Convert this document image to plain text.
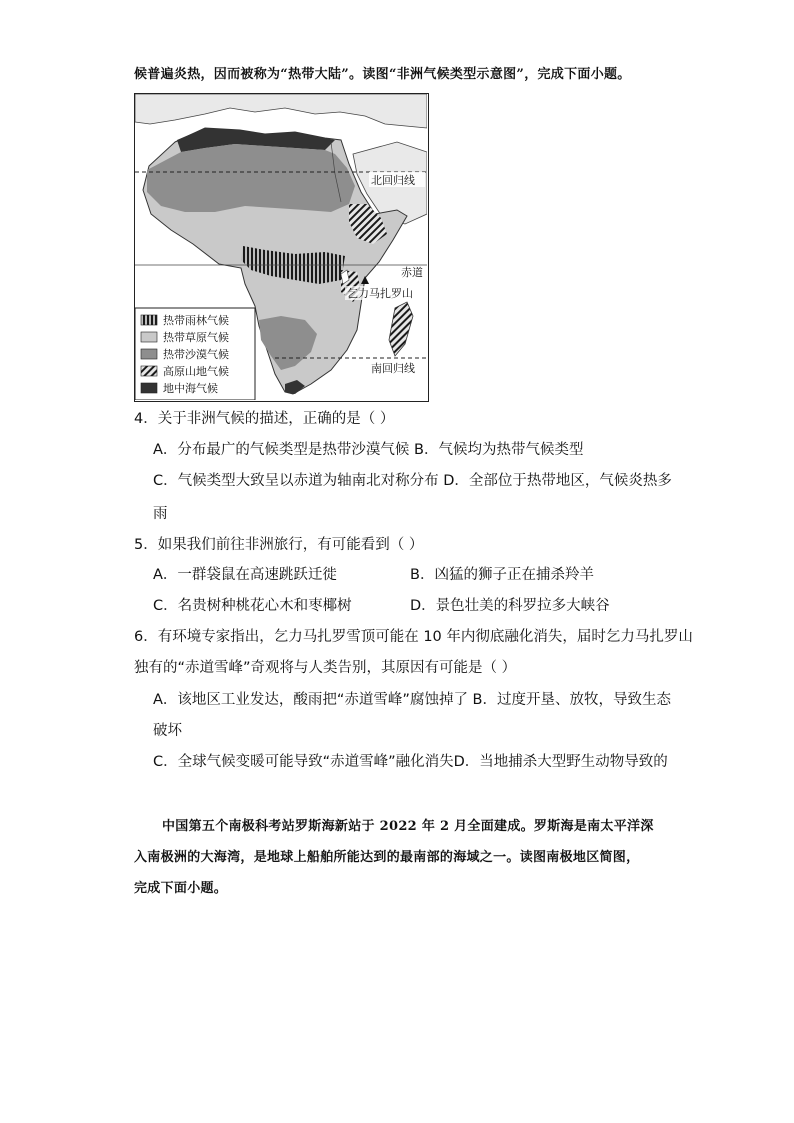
候普遍炎热，因而被称为“热带大陆”。读图“非洲气候类型示意图”，完成下面小题。
北回归线
赤道
乞力马扎罗山
南回归线
热带雨林气候
热带草原气候
热带沙漠气候
高原山地气候
地中海气候
4．关于非洲气候的描述，正确的是（ ）
A．分布最广的气候类型是热带沙漠气候 B．气候均为热带气候类型
C．气候类型大致呈以赤道为轴南北对称分布 D．全部位于热带地区，气候炎热多
雨
5．如果我们前往非洲旅行，有可能看到（ ）
A．一群袋鼠在高速跳跃迁徙	B．凶猛的狮子正在捕杀羚羊
C．名贵树种桃花心木和枣椰树	D．景色壮美的科罗拉多大峡谷
6．有环境专家指出，乞力马扎罗雪顶可能在 10 年内彻底融化消失，届时乞力马扎罗山
独有的“赤道雪峰”奇观将与人类告别，其原因有可能是（ ）
A．该地区工业发达，酸雨把“赤道雪峰”腐蚀掉了 B．过度开垦、放牧，导致生态
破坏
C．全球气候变暖可能导致“赤道雪峰”融化消失D．当地捕杀大型野生动物导致的
中国第五个南极科考站罗斯海新站于 2022 年 2 月全面建成。罗斯海是南太平洋深
入南极洲的大海湾，是地球上船舶所能达到的最南部的海域之一。读图南极地区简图，
完成下面小题。
